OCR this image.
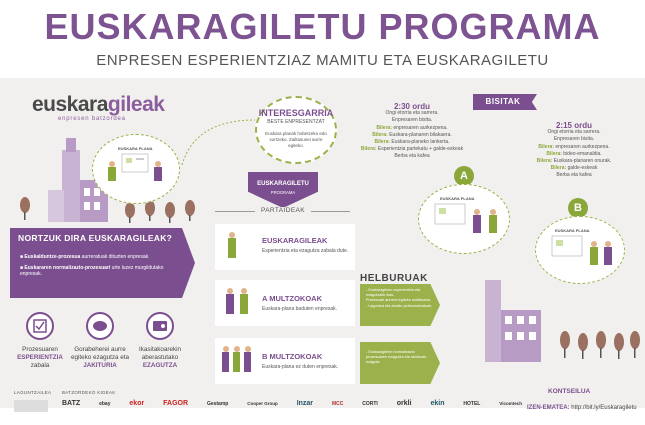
EUSKARAGILETU PROGRAMA
ENPRESEN ESPERIENTZIAZ MAMITU ETA EUSKARAGILETU
euskaragileak
enpresen batzordea
EUSKARA PLANA
NORTZUK DIRA EUSKARAGILEAK?
■ Euskalduntze-prozesua aurreratuak dituzten enpresak.
■ Euskararen normalizazio-prozesuari urte luzez murgildutako enpresak.
Prozesuaren
ESPERIENTZIA
zabala
Gorabeherei aurre egiteko ezagutza eta
JAKITURIA
Ikasitakoarekin aberastutako
EZAGUTZA
INTERESGARRIA
BESTE ENPRESENTZAT
Euskara planak hobetzeko edo sortzeko. Zailtasunei aurre egiteko.
EUSKARAGILETU
PROGRAMA
PARTAIDEAK
EUSKARAGILEAK
Esperientzia eta ezagutza zabala dute.
A MULTZOKOAK
Euskara-plana baduten enpresak.
B MULTZOKOAK
Euskara-plana ez duten enpresak.
HELBURUAK
- Euskaragileen esperientzia eta
ezagutzatik ikas-
Prozesuari aurrera egiteko motibazioa.
- Laguntza eta aholku pertsonalizatuak.
- Euskaragileen normalizazio
prozesuaren ezagutza eta aholkuak
ezaguta
BISITAK
2:30 ordu
Ongi etorria eta sarrera.
Enpresaren bisita.
Bilera: enpresaren aurkezpena.
Bilera: Euskara-planaren bilakaera.
Bilera: Euskara-planeko lankerta.
Bilera: Esperientzia partekatu + galde-eskeak
Berba eta kafea
2:15 ordu
Ongi etorria eta sarrera.
Enpresaren bisita.
Bilera: enpresaren aurkezpena.
Bilera: bideo-emanaldia.
Bilera: Euskara-planaren onurak.
Bilera: galde-eskeak
Berba eta kafea
A
EUSKARA PLANA
B
EUSKARA PLANA
LAGUNTZAILEA BATZORDEKO KIDEAK
BATZ	ebay	ekor	FAGOR	Gestamp	Cooper Group	Inzar	MCC	CORTI	orkli	ekin	HOTEL	Vicomtech
KONTSEILUA
IZEN-EMATEA: http://bit.ly/Euskaragiletu
